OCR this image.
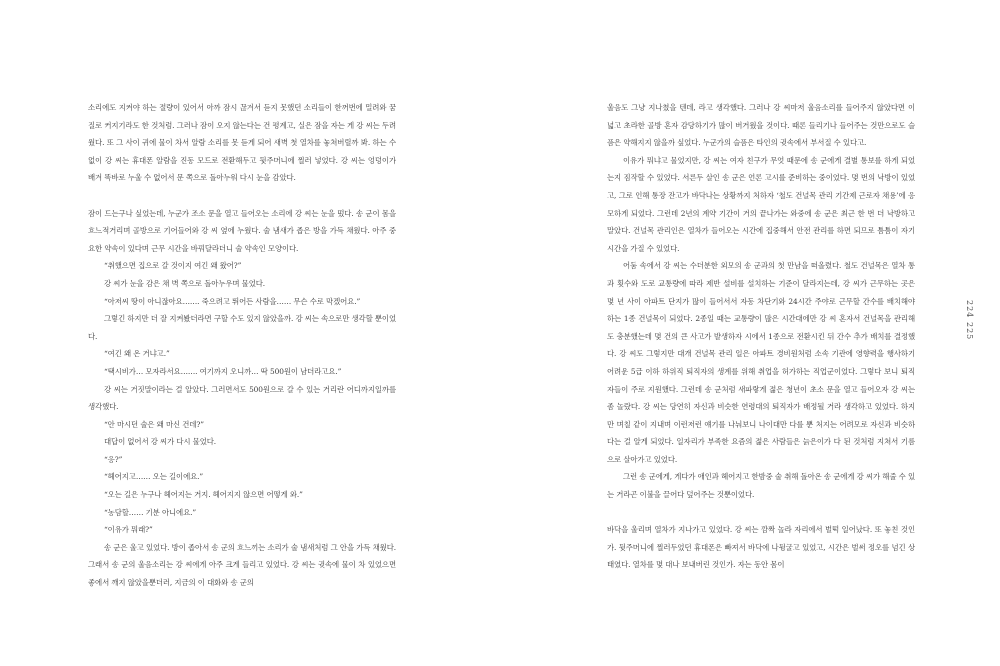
소리에도 지켜야 하는 절량이 있어서 아까 잠시 끊겨서 듣지 못했던 소리들이 한꺼번에 밀려와 꿈질로 커지기라도 한 것처럼. 그러나 잠이 오지 않는다는 건 평계고, 실은 잠을 자는 게 강 씨는 두려웠다. 또 그 사이 귀에 물이 차서 알람 소리를 못 듣게 되어 새벽 첫 열차를 놓쳐버릴까 봐. 하는 수 없이 강 씨는 휴대폰 알람을 진동 모드로 전환해두고 뒷주머니에 찔러 넣었다. 강 씨는 엉덩이가 배겨 똑바로 누울 수 없어서 문 쪽으로 돌아누워 다시 눈을 감았다.
잠이 드는구나 싶었는데, 누군가 조소 문을 열고 들어오는 소리에 강 씨는 눈을 떴다. 송 군이 몸을 흐느적거리며 골방으로 기어들어와 강 씨 옆에 누웠다. 술 냄새가 좁은 방을 가득 채웠다. 아주 중요한 약속이 있다며 근무 시간을 바꿔달라더니 술 약속인 모양이다.
“취했으면 집으로 갈 것이지 여긴 왜 왔어?”
강 씨가 눈을 감은 채 벽 쪽으로 돌아누우며 물었다.
“아저씨 땅이 아니잖아요……. 죽으려고 뛰어든 사람을…… 무슨 수로 막겠어요.”
그렇긴 하지만 더 잘 지켜봤더라면 구할 수도 있지 않았을까. 강 씨는 속으로만 생각할 뿐이었다.
“여긴 왜 온 거냐고.”
“택시비가… 모자라서요……. 여기까지 오니까… 딱 500원이 남더라고요.”
강 씨는 거짓말이라는 걸 알았다. 그러면서도 500원으로 갈 수 있는 거리란 어디까지일까를 생각했다.
“안 마시던 술은 왜 마신 건데?”
대답이 없어서 강 씨가 다시 물었다.
“응?”
“헤어지고…… 오는 길이에요.”
“오는 길은 누구나 헤어지는 거지. 헤어지지 않으면 어떻게 와.”
“농담할…… 기분 아니에요.”
“이유가 뭐래?”
송 군은 울고 있었다. 방이 좁아서 송 군의 흐느끼는 소리가 술 냄새처럼 그 안을 가득 채웠다. 그래서 송 군의 울음소리는 강 씨에게 아주 크게 들리고 있었다. 강 씨는 귓속에 물이 차 있었으면 좋에서 깨지 않았을뿐더러, 지금의 이 대화와 송 군의
울음도 그냥 지나쳤을 텐데, 라고 생각했다. 그러나 강 씨마저 울음소리를 들어주지 않았다면 이 넓고 초라한 골방 혼자 감당하기가 많이 버거웠을 것이다. 때론 들리기나 들어주는 것만으로도 슬픔은 약해지지 않을까 싶었다. 누군가의 슬픔은 타인의 귓속에서 부서질 수 있다고.
이유가 뭐냐고 물었지만, 강 씨는 여자 친구가 무엇 때문에 송 군에게 결별 통보를 하게 되었는지 짐작할 수 있었다. 서른두 살인 송 군은 언론 고시를 준비하는 중이었다. 몇 번의 낙방이 있었고, 그로 인해 통장 잔고가 바닥나는 상황까지 처하자 ‘철도 건널목 관리 기간제 근로자 채용’에 응모하게 되었다. 그런데 2년의 계약 기간이 거의 끝나가는 와중에 송 군은 최근 한 번 더 낙방하고 말았다. 건널목 관리인은 열차가 들어오는 시간에 집중해서 안전 관리를 하면 되므로 틈틈이 자기 시간을 가질 수 있었다.
어둠 속에서 강 씨는 수더분한 외모의 송 군과의 첫 만남을 떠올렸다. 철도 건널목은 열차 통과 횟수와 도로 교통량에 따라 제반 설비를 설치하는 기준이 달라지는데, 강 씨가 근무하는 곳은 몇 년 사이 아파트 단지가 많이 들어서서 자동 차단기와 24시간 주야로 근무할 간수를 배치해야 하는 1종 건널목이 되었다. 2종일 때는 교통량이 많은 시간대에만 강 씨 혼자서 건널목을 관리해도 충분했는데 몇 건의 큰 사고가 발생하자 시에서 1종으로 전환시킨 뒤 간수 추가 배치를 결정했다. 강 씨도 그렇지만 대개 건널목 관리 일은 아파트 경비원처럼 소속 기관에 영향력을 행사하기 어려운 5급 이하 하위직 퇴직자의 생계를 위해 취업을 허가하는 직업군이었다. 그렇다 보니 퇴직자들이 주로 지원했다. 그런데 송 군처럼 새파랗게 젊은 청년이 초소 문을 열고 들어오자 강 씨는 좀 놀랐다. 강 씨는 당연히 자신과 비슷한 연령대의 퇴직자가 배정될 거라 생각하고 있었다. 하지만 며칠 같이 지내며 이런저런 얘기를 나눠보니 나이대만 다를 뿐 처지는 어려모로 자신과 비슷하다는 걸 알게 되었다. 일자리가 부족한 요즘의 젊은 사람들은 늙은이가 다 된 것처럼 지쳐서 기름으로 살아가고 있었다.
그런 송 군에게, 게다가 애인과 헤어지고 한밤중 술 취해 돌아온 송 군에게 강 씨가 해줄 수 있는 거라곤 이불을 끌어다 덮어주는 것뿐이었다.
바닥을 울리며 열차가 지나가고 있었다. 강 씨는 깜짝 놀라 자리에서 벌떡 일어났다. 또 놓친 것인가. 뒷주머니에 찔러두었던 휴대폰은 빠져서 바닥에 나뒹굴고 있었고, 시간은 벌써 정오를 넘긴 상태였다. 열차를 몇 대나 보내버린 것인가. 자는 동안 몸이
224
225
